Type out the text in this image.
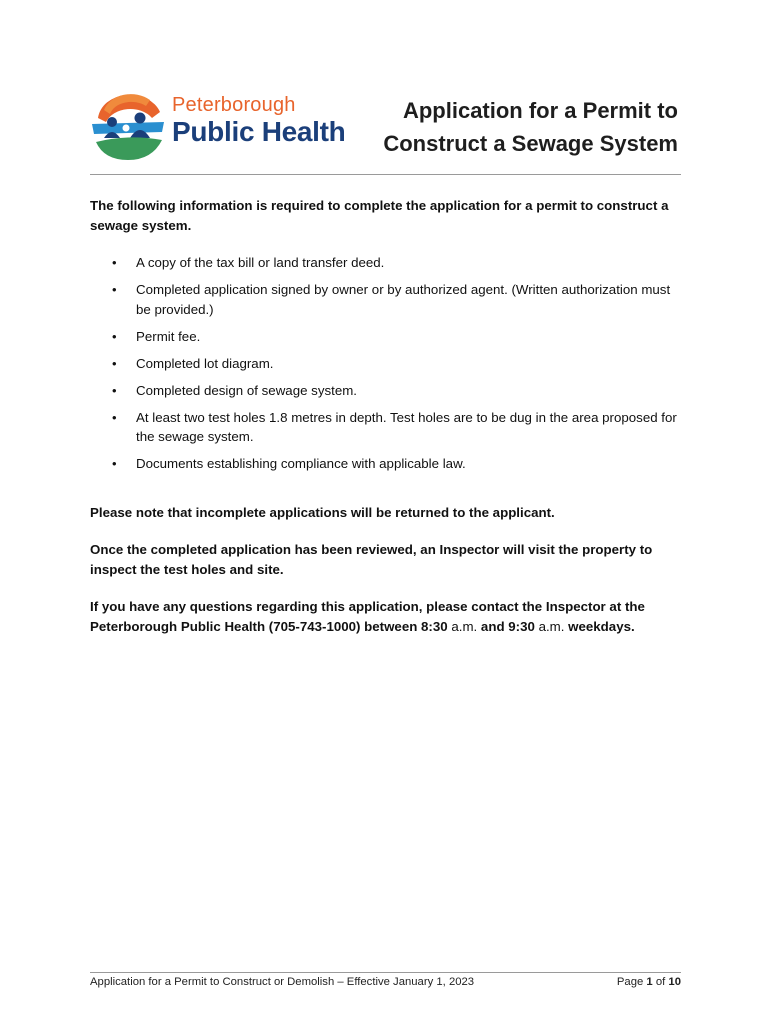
Peterborough
Public Health
Application for a Permit to
Construct a Sewage System
The following information is required to complete the application for a permit to construct a sewage system.
• A copy of the tax bill or land transfer deed.
• Completed application signed by owner or by authorized agent. (Written authorization must be provided.)
• Permit fee.
• Completed lot diagram.
• Completed design of sewage system.
• At least two test holes 1.8 metres in depth. Test holes are to be dug in the area proposed for the sewage system.
• Documents establishing compliance with applicable law.
Please note that incomplete applications will be returned to the applicant.
Once the completed application has been reviewed, an Inspector will visit the property to inspect the test holes and site.
If you have any questions regarding this application, please contact the Inspector at the Peterborough Public Health (705-743-1000) between 8:30 a.m. and 9:30 a.m. weekdays.
Application for a Permit to Construct or Demolish – Effective January 1, 2023	Page 1 of 10
